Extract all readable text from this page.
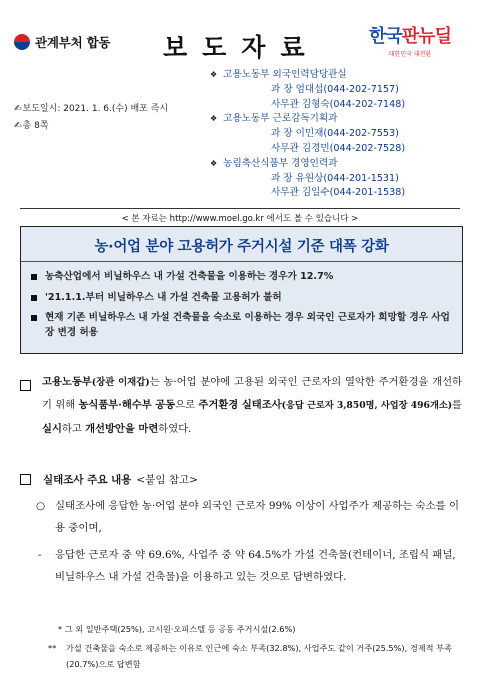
관계부처 합동 보도자료	한국판뉴딜
대한민국 대전환
✍보도일시: 2021. 1. 6.(수) 배포 즉시
✍총 8쪽
❖ 고용노동부 외국인력담당관실
과 장 엄대섭(044-202-7157)
사무관 김형숙(044-202-7148)
❖ 고용노동부 근로감독기획과
과 장 이민재(044-202-7553)
사무관 김경민(044-202-7528)
❖ 농림축산식품부 경영인력과
과 장 유원상(044-201-1531)
사무관 김일수(044-201-1538)
< 본 자료는 http://www.moel.go.kr 에서도 볼 수 있습니다 >
농·어업 분야 고용허가 주거시설 기준 대폭 강화
농축산업에서 비닐하우스 내 가설 건축물을 이용하는 경우가 12.7%
'21.1.1.부터 비닐하우스 내 가설 건축물 고용허가 불허
현재 기존 비닐하우스 내 가설 건축물을 숙소로 이용하는 경우 외국인 근로자가 희망할 경우 사업장 변경 허용
고용노동부(장관 이재갑)는 농·어업 분야에 고용된 외국인 근로자의 열악한 주거환경을 개선하기 위해 농식품부·해수부 공동으로 주거환경 실태조사(응답 근로자 3,850명, 사업장 496개소)를 실시하고 개선방안을 마련하였다.
실태조사 주요 내용 <붙임 참고>
○ 실태조사에 응답한 농·어업 분야 외국인 근로자 99% 이상이 사업주가 제공하는 숙소를 이용 중이며,
-	응답한 근로자 중 약 69.6%, 사업주 중 약 64.5%가 가설 건축물(컨테이너, 조립식 패널, 비닐하우스 내 가설 건축물)을 이용하고 있는 것으로 답변하였다.
* 그 외 일반주택(25%), 고시원·오피스텔 등 공동 주거시설(2.6%)
**	가설 건축물을 숙소로 제공하는 이유로 인근에 숙소 부족(32.8%), 사업주도 같이 거주(25.5%), 경제적 부족(20.7%)으로 답변함
